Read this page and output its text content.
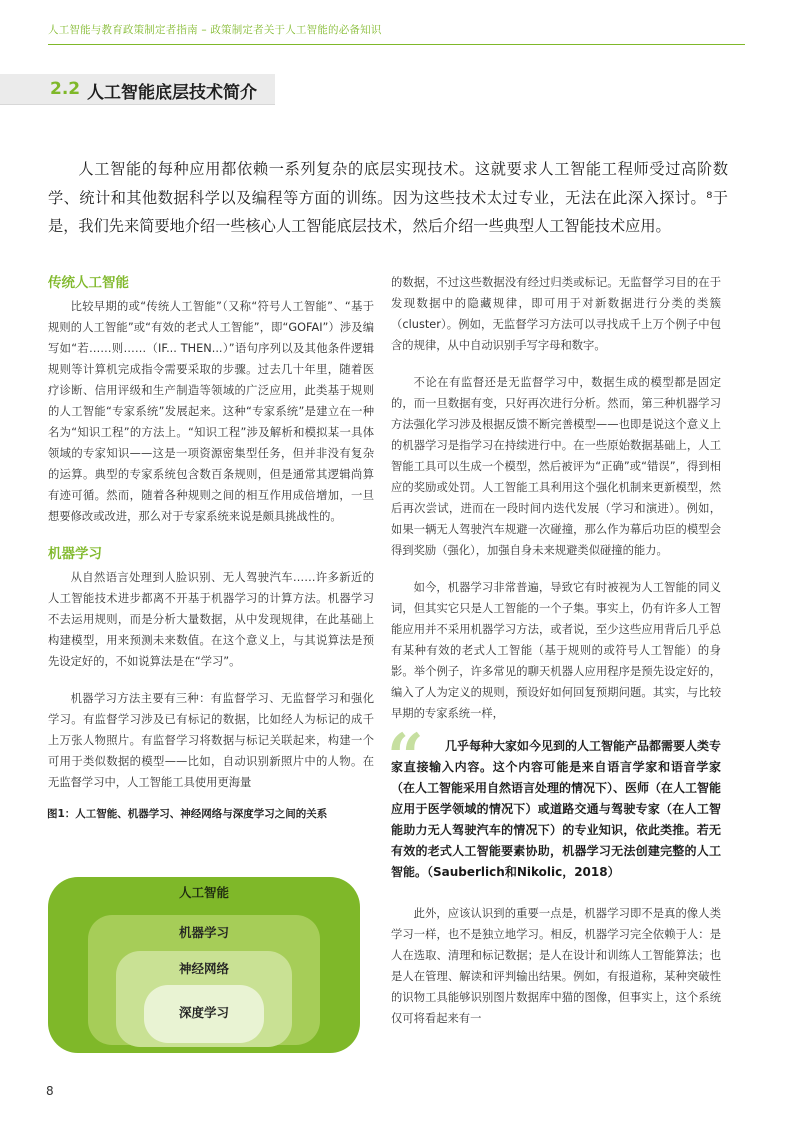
人工智能与教育政策制定者指南 – 政策制定者关于人工智能的必备知识
2.2 人工智能底层技术简介

人工智能的每种应用都依赖一系列复杂的底层实现技术。这就要求人工智能工程师受过高阶数学、统计和其他数据科学以及编程等方面的训练。因为这些技术太过专业，无法在此深入探讨。⁸于是，我们先来简要地介绍一些核心人工智能底层技术，然后介绍一些典型人工智能技术应用。

传统人工智能

比较早期的或“传统人工智能”（又称“符号人工智能”、“基于规则的人工智能”或“有效的老式人工智能”，即“GOFAI”）涉及编写如“若……则……（IF... THEN...）”语句序列以及其他条件逻辑规则等计算机完成指令需要采取的步骤。过去几十年里，随着医疗诊断、信用评级和生产制造等领域的广泛应用，此类基于规则的人工智能“专家系统”发展起来。这种“专家系统”是建立在一种名为“知识工程”的方法上。“知识工程”涉及解析和模拟某一具体领域的专家知识——这是一项资源密集型任务，但并非没有复杂的运算。典型的专家系统包含数百条规则，但是通常其逻辑尚算有迹可循。然而，随着各种规则之间的相互作用成倍增加，一旦想要修改或改进，那么对于专家系统来说是颇具挑战性的。

机器学习

从自然语言处理到人脸识别、无人驾驶汽车……许多新近的人工智能技术进步都离不开基于机器学习的计算方法。机器学习不去运用规则，而是分析大量数据，从中发现规律，在此基础上构建模型，用来预测未来数值。在这个意义上，与其说算法是预先设定好的，不如说算法是在“学习”。

机器学习方法主要有三种：有监督学习、无监督学习和强化学习。有监督学习涉及已有标记的数据，比如经人为标记的成千上万张人物照片。有监督学习将数据与标记关联起来，构建一个可用于类似数据的模型——比如，自动识别新照片中的人物。在无监督学习中，人工智能工具使用更海量

图1：人工智能、机器学习、神经网络与深度学习之间的关系
人工智能
机器学习
神经网络
深度学习

的数据，不过这些数据没有经过归类或标记。无监督学习目的在于发现数据中的隐藏规律，即可用于对新数据进行分类的类簇（cluster）。例如，无监督学习方法可以寻找成千上万个例子中包含的规律，从中自动识别手写字母和数字。

不论在有监督还是无监督学习中，数据生成的模型都是固定的，而一旦数据有变，只好再次进行分析。然而，第三种机器学习方法强化学习涉及根据反馈不断完善模型——也即是说这个意义上的机器学习是指学习在持续进行中。在一些原始数据基础上，人工智能工具可以生成一个模型，然后被评为“正确”或“错误”，得到相应的奖励或处罚。人工智能工具利用这个强化机制来更新模型，然后再次尝试，进而在一段时间内迭代发展（学习和演进）。例如，如果一辆无人驾驶汽车规避一次碰撞，那么作为幕后功臣的模型会得到奖励（强化），加强自身未来规避类似碰撞的能力。

如今，机器学习非常普遍，导致它有时被视为人工智能的同义词，但其实它只是人工智能的一个子集。事实上，仍有许多人工智能应用并不采用机器学习方法，或者说，至少这些应用背后几乎总有某种有效的老式人工智能（基于规则的或符号人工智能）的身影。举个例子，许多常见的聊天机器人应用程序是预先设定好的，编入了人为定义的规则，预设好如何回复预期问题。其实，与比较早期的专家系统一样，

“	几乎每种大家如今见到的人工智能产品都需要人类专家直接输入内容。这个内容可能是来自语言学家和语音学家（在人工智能采用自然语言处理的情况下）、医师（在人工智能应用于医学领域的情况下）或道路交通与驾驶专家（在人工智能助力无人驾驶汽车的情况下）的专业知识，依此类推。若无有效的老式人工智能要素协助，机器学习无法创建完整的人工智能。（Sauberlich和Nikolic，2018）

此外，应该认识到的重要一点是，机器学习即不是真的像人类学习一样，也不是独立地学习。相反，机器学习完全依赖于人：是人在选取、清理和标记数据；是人在设计和训练人工智能算法；也是人在管理、解读和评判输出结果。例如，有报道称，某种突破性的识物工具能够识别图片数据库中猫的图像，但事实上，这个系统仅可将看起来有一

8
